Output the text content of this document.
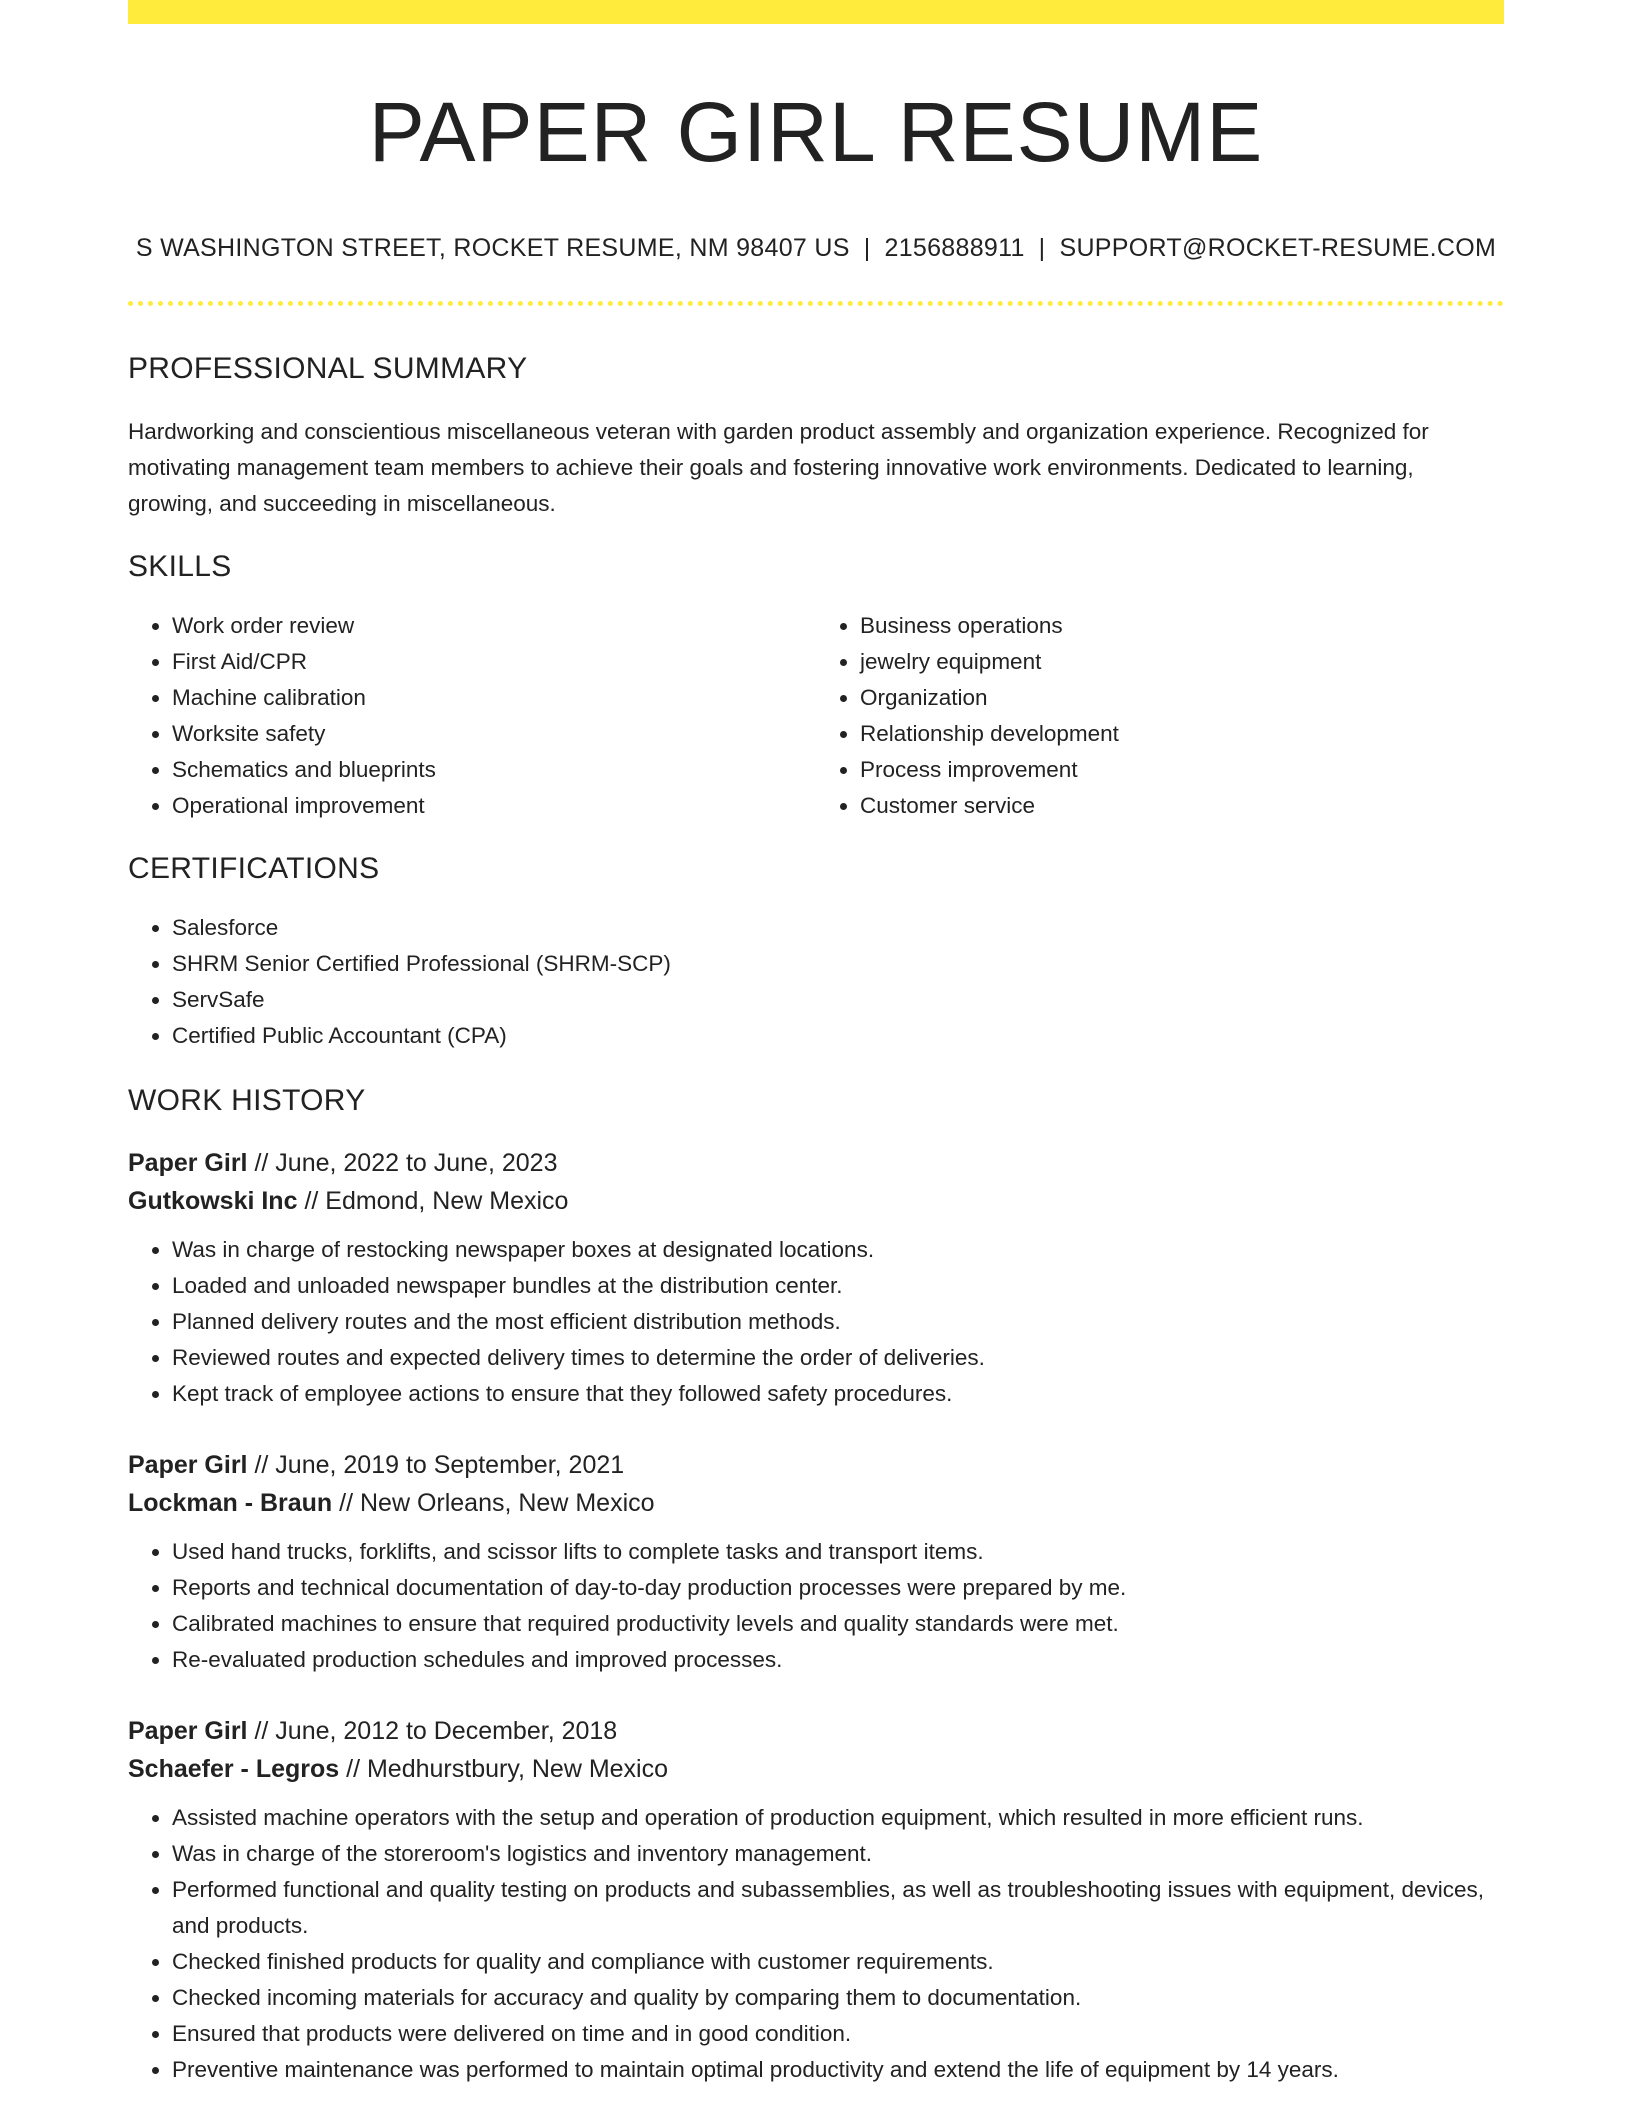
PAPER GIRL RESUME
S WASHINGTON STREET, ROCKET RESUME, NM 98407 US | 2156888911 | SUPPORT@ROCKET-RESUME.COM
PROFESSIONAL SUMMARY

Hardworking and conscientious miscellaneous veteran with garden product assembly and organization experience. Recognized for motivating management team members to achieve their goals and fostering innovative work environments. Dedicated to learning, growing, and succeeding in miscellaneous.

SKILLS
• Work order review
• First Aid/CPR
• Machine calibration
• Worksite safety
• Schematics and blueprints
• Operational improvement
• Business operations
• jewelry equipment
• Organization
• Relationship development
• Process improvement
• Customer service
CERTIFICATIONS
• Salesforce
• SHRM Senior Certified Professional (SHRM-SCP)
• ServSafe
• Certified Public Accountant (CPA)
WORK HISTORY
Paper Girl // June, 2022 to June, 2023
Gutkowski Inc // Edmond, New Mexico
• Was in charge of restocking newspaper boxes at designated locations.
• Loaded and unloaded newspaper bundles at the distribution center.
• Planned delivery routes and the most efficient distribution methods.
• Reviewed routes and expected delivery times to determine the order of deliveries.
• Kept track of employee actions to ensure that they followed safety procedures.
Paper Girl // June, 2019 to September, 2021
Lockman - Braun // New Orleans, New Mexico
• Used hand trucks, forklifts, and scissor lifts to complete tasks and transport items.
• Reports and technical documentation of day-to-day production processes were prepared by me.
• Calibrated machines to ensure that required productivity levels and quality standards were met.
• Re-evaluated production schedules and improved processes.
Paper Girl // June, 2012 to December, 2018
Schaefer - Legros // Medhurstbury, New Mexico
• Assisted machine operators with the setup and operation of production equipment, which resulted in more efficient runs.
• Was in charge of the storeroom's logistics and inventory management.
• Performed functional and quality testing on products and subassemblies, as well as troubleshooting issues with equipment, devices, and products.
• Checked finished products for quality and compliance with customer requirements.
• Checked incoming materials for accuracy and quality by comparing them to documentation.
• Ensured that products were delivered on time and in good condition.
• Preventive maintenance was performed to maintain optimal productivity and extend the life of equipment by 14 years.
